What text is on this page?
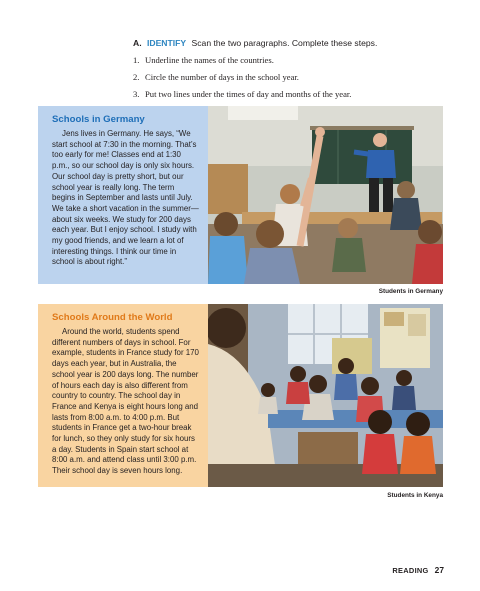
A. IDENTIFY Scan the two paragraphs. Complete these steps.
1. Underline the names of the countries.
2. Circle the number of days in the school year.
3. Put two lines under the times of day and months of the year.
Schools in Germany

Jens lives in Germany. He says, “We start school at 7:30 in the morning. That’s too early for me! Classes end at 1:30 p.m., so our school day is only six hours. Our school day is pretty short, but our school year is really long. The term begins in September and lasts until July. We take a short vacation in the summer—about six weeks. We study for 200 days each year. But I enjoy school. I study with my good friends, and we learn a lot of interesting things. I think our time in school is about right.”

Students in Germany
Schools Around the World

Around the world, students spend different numbers of days in school. For example, students in France study for 170 days each year, but in Australia, the school year is 200 days long. The number of hours each day is also different from country to country. The school day in France and Kenya is eight hours long and lasts from 8:00 a.m. to 4:00 p.m. But students in France get a two-hour break for lunch, so they only study for six hours a day. Students in Spain start school at 8:00 a.m. and attend class until 3:00 p.m. Their school day is seven hours long.

Students in Kenya
READING 27
